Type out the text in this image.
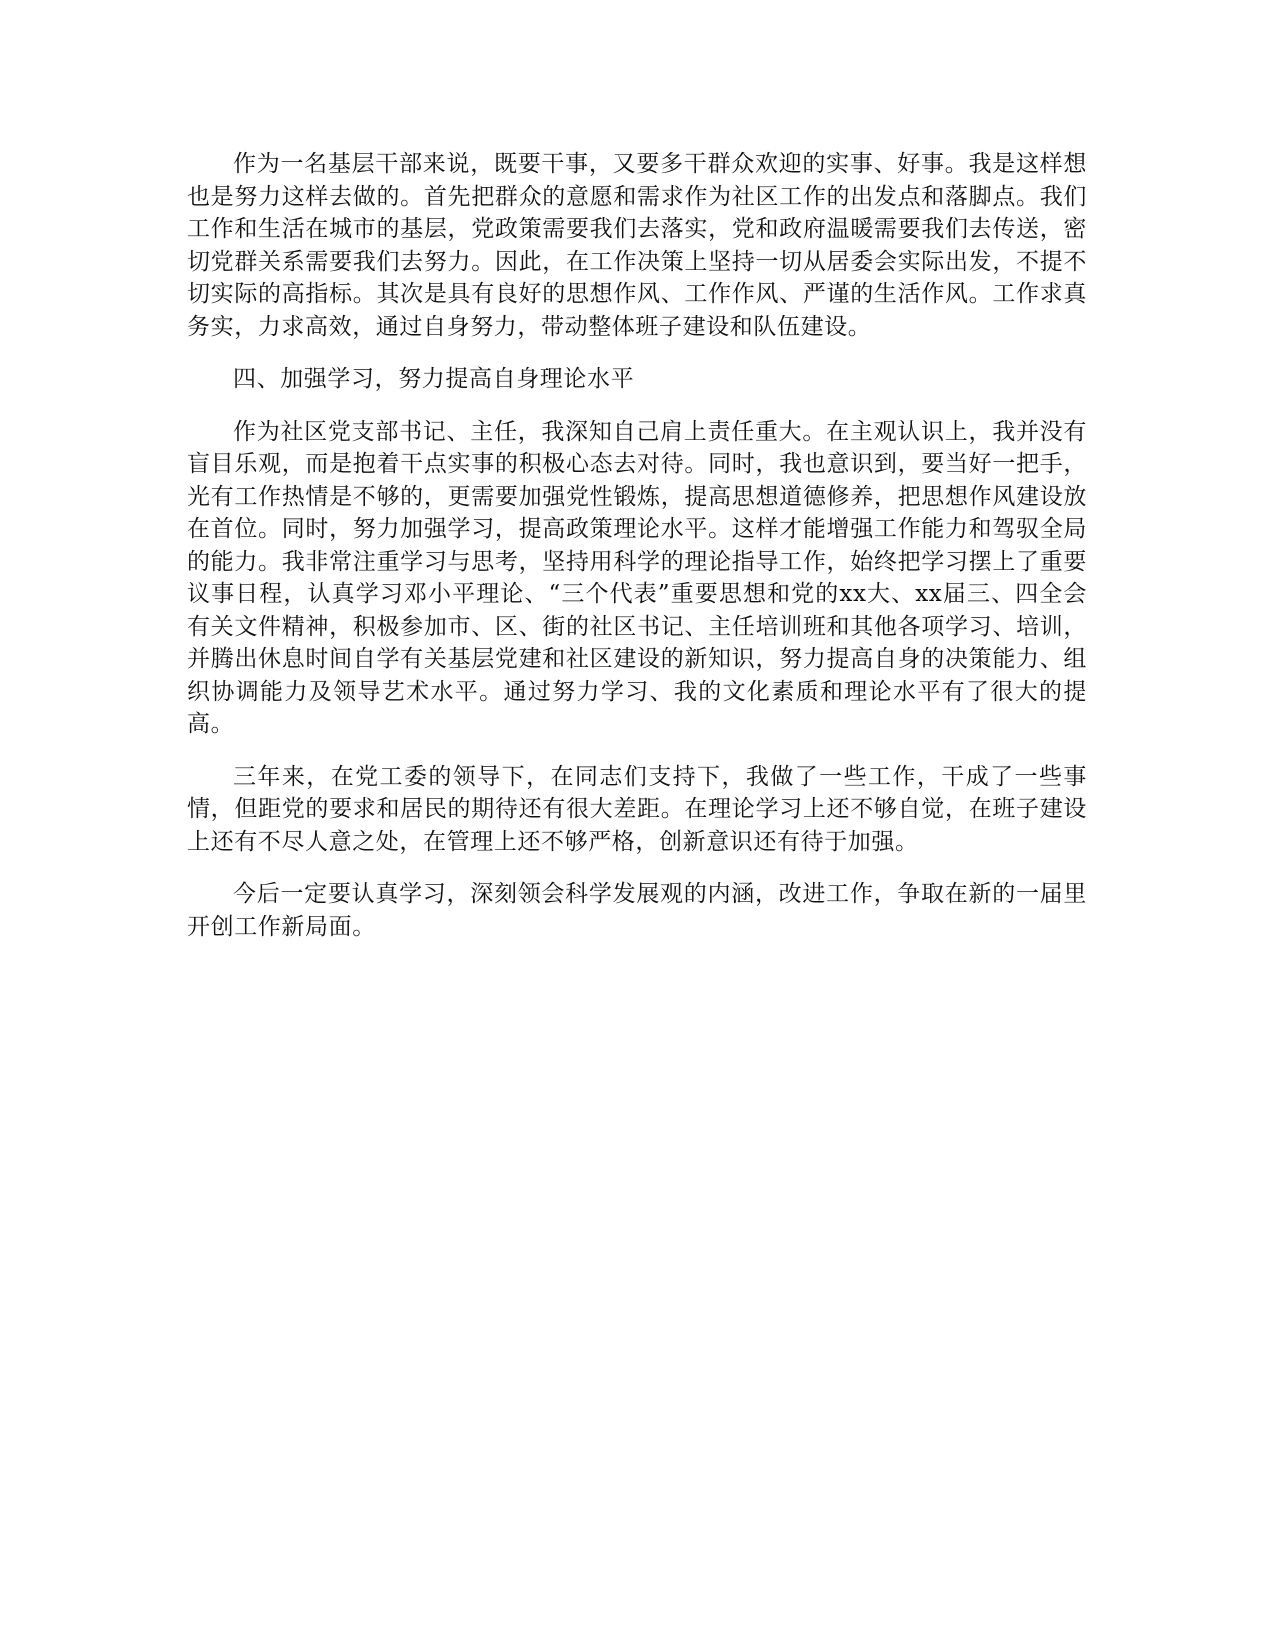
作为一名基层干部来说，既要干事，又要多干群众欢迎的实事、好事。我是这样想也是努力这样去做的。首先把群众的意愿和需求作为社区工作的出发点和落脚点。我们工作和生活在城市的基层，党政策需要我们去落实，党和政府温暖需要我们去传送，密切党群关系需要我们去努力。因此，在工作决策上坚持一切从居委会实际出发，不提不切实际的高指标。其次是具有良好的思想作风、工作作风、严谨的生活作风。工作求真务实，力求高效，通过自身努力，带动整体班子建设和队伍建设。

四、加强学习，努力提高自身理论水平

作为社区党支部书记、主任，我深知自己肩上责任重大。在主观认识上，我并没有盲目乐观，而是抱着干点实事的积极心态去对待。同时，我也意识到，要当好一把手，光有工作热情是不够的，更需要加强党性锻炼，提高思想道德修养，把思想作风建设放在首位。同时，努力加强学习，提高政策理论水平。这样才能增强工作能力和驾驭全局的能力。我非常注重学习与思考，坚持用科学的理论指导工作，始终把学习摆上了重要议事日程，认真学习邓小平理论、“三个代表”重要思想和党的xx大、xx届三、四全会有关文件精神，积极参加市、区、街的社区书记、主任培训班和其他各项学习、培训，并腾出休息时间自学有关基层党建和社区建设的新知识，努力提高自身的决策能力、组织协调能力及领导艺术水平。通过努力学习、我的文化素质和理论水平有了很大的提高。

三年来，在党工委的领导下，在同志们支持下，我做了一些工作，干成了一些事情，但距党的要求和居民的期待还有很大差距。在理论学习上还不够自觉，在班子建设上还有不尽人意之处，在管理上还不够严格，创新意识还有待于加强。

今后一定要认真学习，深刻领会科学发展观的内涵，改进工作，争取在新的一届里开创工作新局面。
